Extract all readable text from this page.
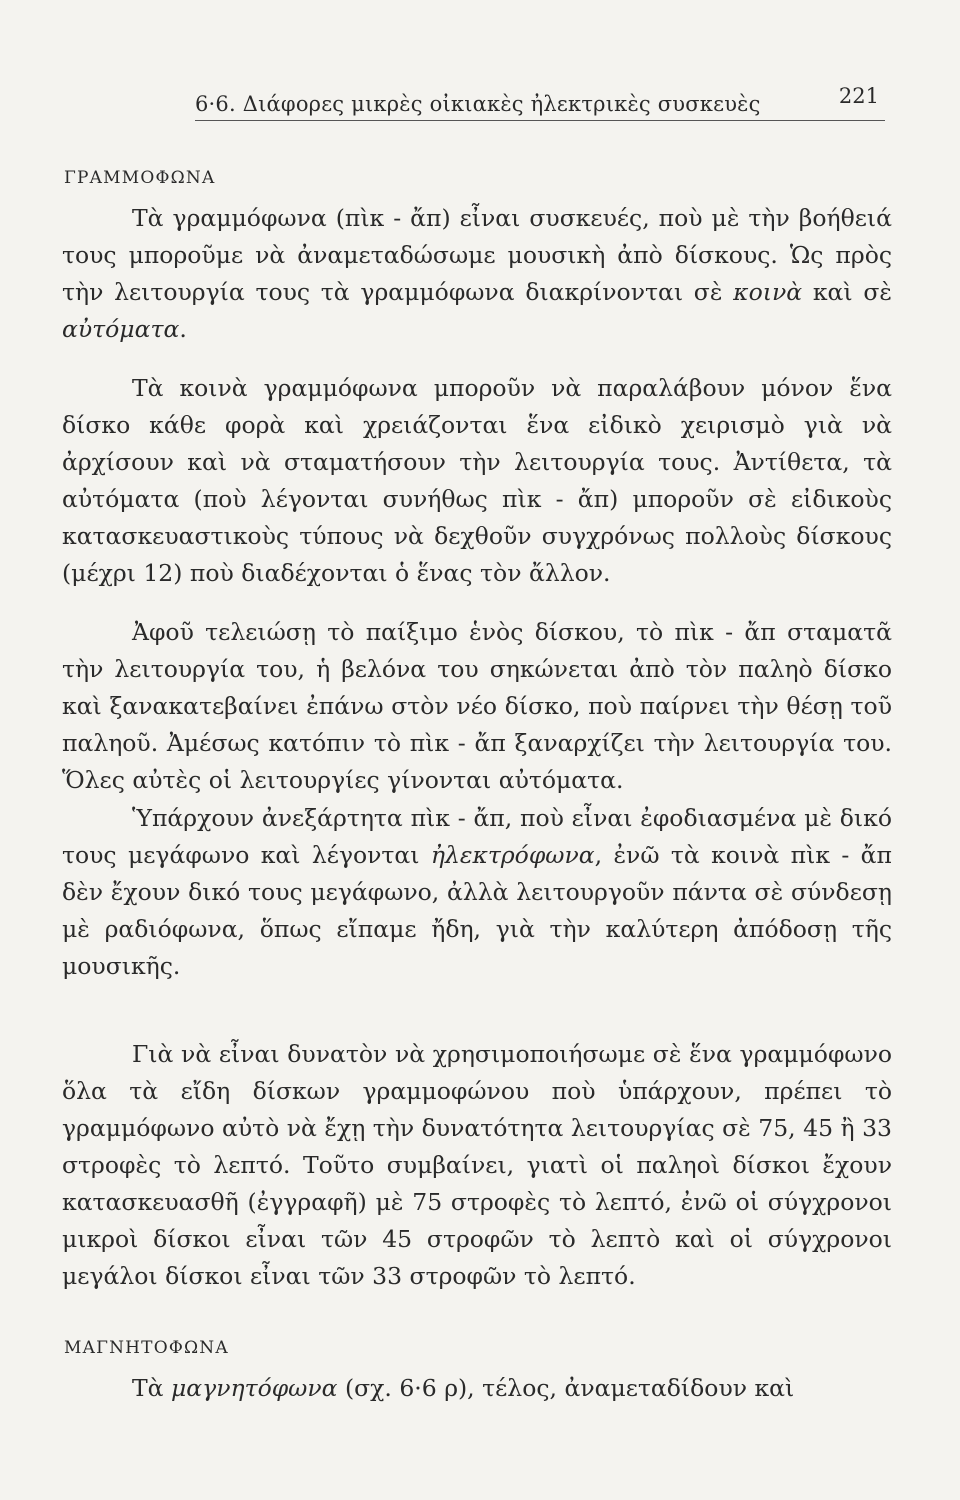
6·6. Διάφορες μικρὲς οἰκιακὲς ἠλεκτρικὲς συσκευὲς	221
ΓΡΑΜΜΟΦΩΝΑ

Τὰ γραμμόφωνα (πὶκ - ἄπ) εἶναι συσκευές, ποὺ μὲ τὴν βοήθειά τους μποροῦμε νὰ ἀναμεταδώσωμε μουσικὴ ἀπὸ δίσκους. Ὡς πρὸς τὴν λειτουργία τους τὰ γραμμόφωνα διακρίνονται σὲ κοινὰ καὶ σὲ αὐτόματα.

Τὰ κοινὰ γραμμόφωνα μποροῦν νὰ παραλάβουν μόνον ἕνα δίσκο κάθε φορὰ καὶ χρειάζονται ἕνα εἰδικὸ χειρισμὸ γιὰ νὰ ἀρχίσουν καὶ νὰ σταματήσουν τὴν λειτουργία τους. Ἀντίθετα, τὰ αὐτόματα (ποὺ λέγονται συνήθως πὶκ - ἄπ) μποροῦν σὲ εἰδικοὺς κατασκευαστικοὺς τύπους νὰ δεχθοῦν συγχρόνως πολλοὺς δίσκους (μέχρι 12) ποὺ διαδέχονται ὁ ἕνας τὸν ἄλλον.

Ἀφοῦ τελειώσῃ τὸ παίξιμο ἑνὸς δίσκου, τὸ πὶκ - ἄπ σταματᾶ τὴν λειτουργία του, ἡ βελόνα του σηκώνεται ἀπὸ τὸν παληὸ δίσκο καὶ ξανακατεβαίνει ἐπάνω στὸν νέο δίσκο, ποὺ παίρνει τὴν θέσῃ τοῦ παληοῦ. Ἀμέσως κατόπιν τὸ πὶκ - ἄπ ξαναρχίζει τὴν λειτουργία του. Ὅλες αὐτὲς οἱ λειτουργίες γίνονται αὐτόματα.

Ὑπάρχουν ἀνεξάρτητα πὶκ - ἄπ, ποὺ εἶναι ἐφοδιασμένα μὲ δικό τους μεγάφωνο καὶ λέγονται ἠλεκτρόφωνα, ἐνῶ τὰ κοινὰ πὶκ - ἄπ δὲν ἔχουν δικό τους μεγάφωνο, ἀλλὰ λειτουργοῦν πάντα σὲ σύνδεσῃ μὲ ραδιόφωνα, ὅπως εἴπαμε ἤδη, γιὰ τὴν καλύτερη ἀπόδοσῃ τῆς μουσικῆς.

Γιὰ νὰ εἶναι δυνατὸν νὰ χρησιμοποιήσωμε σὲ ἕνα γραμμόφωνο ὅλα τὰ εἴδη δίσκων γραμμοφώνου ποὺ ὑπάρχουν, πρέπει τὸ γραμμόφωνο αὐτὸ νὰ ἔχῃ τὴν δυνατότητα λειτουργίας σὲ 75, 45 ἢ 33 στροφὲς τὸ λεπτό. Τοῦτο συμβαίνει, γιατὶ οἱ παληοὶ δίσκοι ἔχουν κατασκευασθῆ (ἐγγραφῆ) μὲ 75 στροφὲς τὸ λεπτό, ἐνῶ οἱ σύγχρονοι μικροὶ δίσκοι εἶναι τῶν 45 στροφῶν τὸ λεπτὸ καὶ οἱ σύγχρονοι μεγάλοι δίσκοι εἶναι τῶν 33 στροφῶν τὸ λεπτό.

ΜΑΓΝΗΤΟΦΩΝΑ

Τὰ μαγνητόφωνα (σχ. 6·6 ρ), τέλος, ἀναμεταδίδουν καὶ
